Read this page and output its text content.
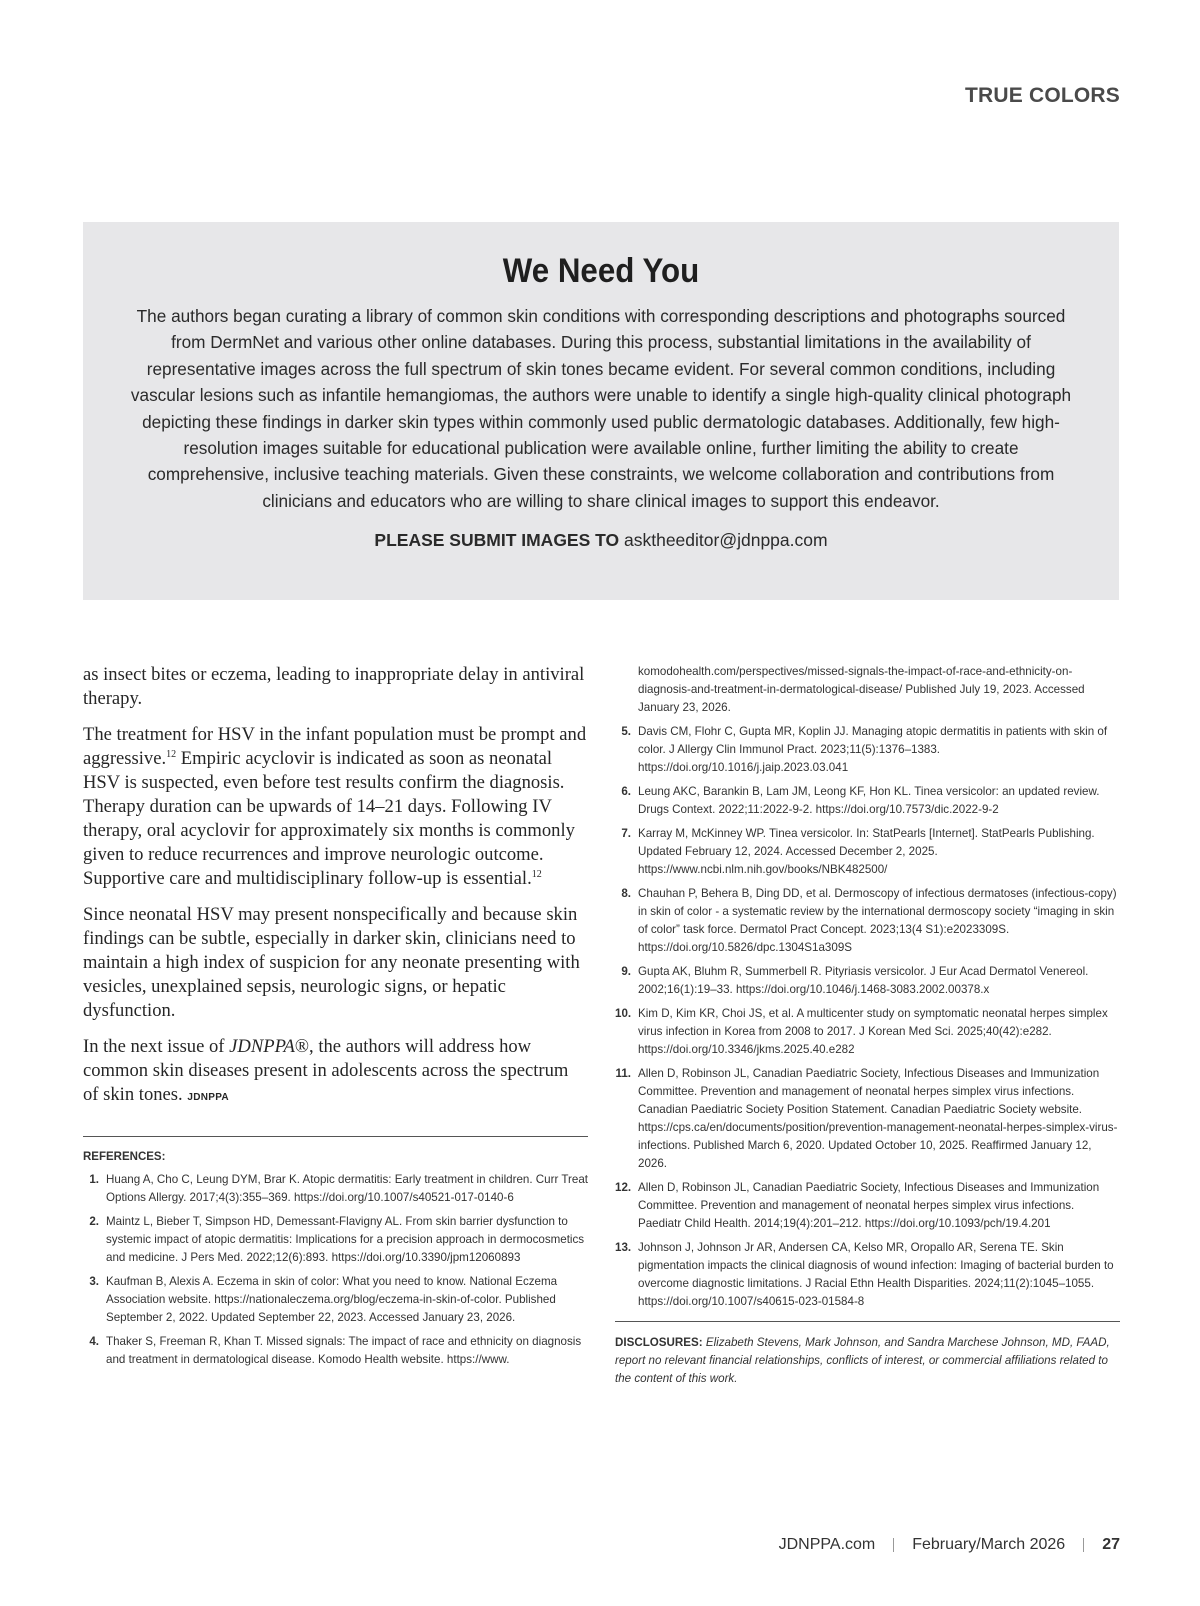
TRUE COLORS
We Need You
The authors began curating a library of common skin conditions with corresponding descriptions and photographs sourced from DermNet and various other online databases. During this process, substantial limitations in the availability of representative images across the full spectrum of skin tones became evident. For several common conditions, including vascular lesions such as infantile hemangiomas, the authors were unable to identify a single high-quality clinical photograph depicting these findings in darker skin types within commonly used public dermatologic databases. Additionally, few high-resolution images suitable for educational publication were available online, further limiting the ability to create comprehensive, inclusive teaching materials. Given these constraints, we welcome collaboration and contributions from clinicians and educators who are willing to share clinical images to support this endeavor.
PLEASE SUBMIT IMAGES TO asktheeditor@jdnppa.com

as insect bites or eczema, leading to inappropriate delay in antiviral therapy.

The treatment for HSV in the infant population must be prompt and aggressive.$^{12}$ Empiric acyclovir is indicated as soon as neonatal HSV is suspected, even before test results confirm the diagnosis. Therapy duration can be upwards of 14–21 days. Following IV therapy, oral acyclovir for approximately six months is commonly given to reduce recurrences and improve neurologic outcome. Supportive care and multidisciplinary follow-up is essential.$^{12}$

Since neonatal HSV may present nonspecifically and because skin findings can be subtle, especially in darker skin, clinicians need to maintain a high index of suspicion for any neonate presenting with vesicles, unexplained sepsis, neurologic signs, or hepatic dysfunction.

In the next issue of JDNPPA®, the authors will address how common skin diseases present in adolescents across the spectrum of skin tones. JDNPPA

REFERENCES:
1. Huang A, Cho C, Leung DYM, Brar K. Atopic dermatitis: Early treatment in children. Curr Treat Options Allergy. 2017;4(3):355–369. https://doi.org/10.1007/s40521-017-0140-6
2. Maintz L, Bieber T, Simpson HD, Demessant-Flavigny AL. From skin barrier dysfunction to systemic impact of atopic dermatitis: Implications for a precision approach in dermocosmetics and medicine. J Pers Med. 2022;12(6):893. https://doi.org/10.3390/jpm12060893
3. Kaufman B, Alexis A. Eczema in skin of color: What you need to know. National Eczema Association website. https://nationaleczema.org/blog/eczema-in-skin-of-color. Published September 2, 2022. Updated September 22, 2023. Accessed January 23, 2026.
4. Thaker S, Freeman R, Khan T. Missed signals: The impact of race and ethnicity on diagnosis and treatment in dermatological disease. Komodo Health website. https://www.
komodohealth.com/perspectives/missed-signals-the-impact-of-race-and-ethnicity-on-diagnosis-and-treatment-in-dermatological-disease/ Published July 19, 2023. Accessed January 23, 2026.
5. Davis CM, Flohr C, Gupta MR, Koplin JJ. Managing atopic dermatitis in patients with skin of color. J Allergy Clin Immunol Pract. 2023;11(5):1376–1383. https://doi.org/10.1016/j.jaip.2023.03.041
6. Leung AKC, Barankin B, Lam JM, Leong KF, Hon KL. Tinea versicolor: an updated review. Drugs Context. 2022;11:2022-9-2. https://doi.org/10.7573/dic.2022-9-2
7. Karray M, McKinney WP. Tinea versicolor. In: StatPearls [Internet]. StatPearls Publishing. Updated February 12, 2024. Accessed December 2, 2025. https://www.ncbi.nlm.nih.gov/books/NBK482500/
8. Chauhan P, Behera B, Ding DD, et al. Dermoscopy of infectious dermatoses (infectious-copy) in skin of color - a systematic review by the international dermoscopy society “imaging in skin of color” task force. Dermatol Pract Concept. 2023;13(4 S1):e2023309S. https://doi.org/10.5826/dpc.1304S1a309S
9. Gupta AK, Bluhm R, Summerbell R. Pityriasis versicolor. J Eur Acad Dermatol Venereol. 2002;16(1):19–33. https://doi.org/10.1046/j.1468-3083.2002.00378.x
10. Kim D, Kim KR, Choi JS, et al. A multicenter study on symptomatic neonatal herpes simplex virus infection in Korea from 2008 to 2017. J Korean Med Sci. 2025;40(42):e282. https://doi.org/10.3346/jkms.2025.40.e282
11. Allen D, Robinson JL, Canadian Paediatric Society, Infectious Diseases and Immunization Committee. Prevention and management of neonatal herpes simplex virus infections. Canadian Paediatric Society Position Statement. Canadian Paediatric Society website. https://cps.ca/en/documents/position/prevention-management-neonatal-herpes-simplex-virus-infections. Published March 6, 2020. Updated October 10, 2025. Reaffirmed January 12, 2026.
12. Allen D, Robinson JL, Canadian Paediatric Society, Infectious Diseases and Immunization Committee. Prevention and management of neonatal herpes simplex virus infections. Paediatr Child Health. 2014;19(4):201–212. https://doi.org/10.1093/pch/19.4.201
13. Johnson J, Johnson Jr AR, Andersen CA, Kelso MR, Oropallo AR, Serena TE. Skin pigmentation impacts the clinical diagnosis of wound infection: Imaging of bacterial burden to overcome diagnostic limitations. J Racial Ethn Health Disparities. 2024;11(2):1045–1055. https://doi.org/10.1007/s40615-023-01584-8
DISCLOSURES: Elizabeth Stevens, Mark Johnson, and Sandra Marchese Johnson, MD, FAAD, report no relevant financial relationships, conflicts of interest, or commercial affiliations related to the content of this work.
JDNPPA.com February/March 2026 27
